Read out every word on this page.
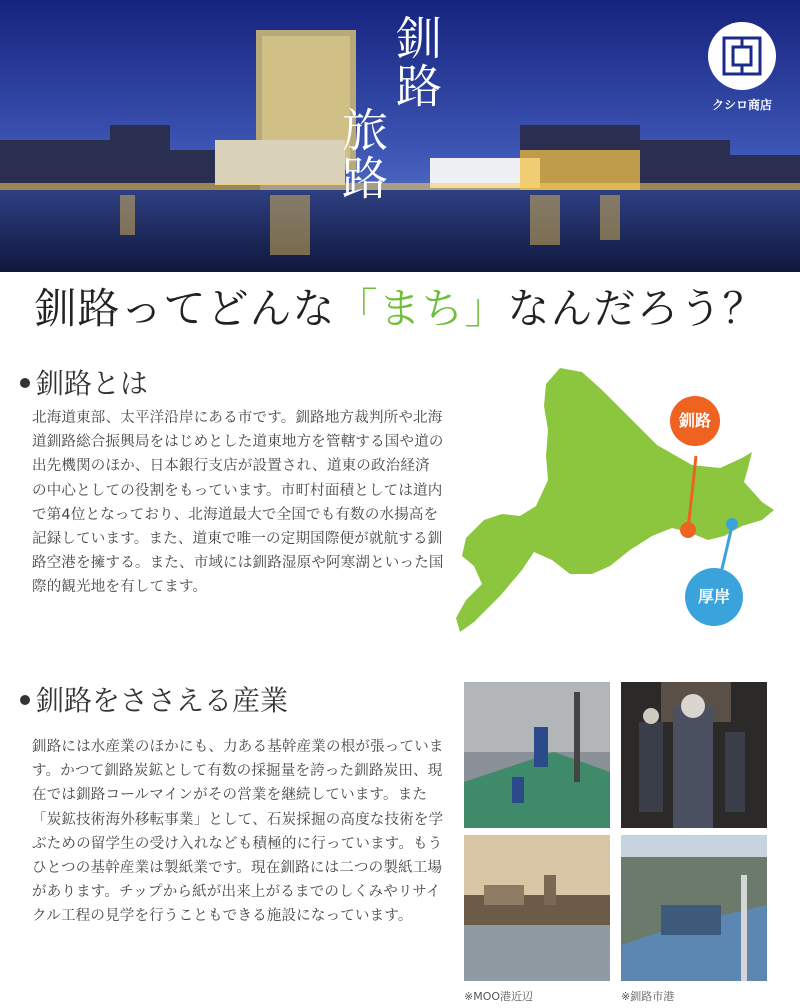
釧路
旅路
クシロ商店
釧路ってどんな「まち」なんだろう？
釧路とは
北海道東部、太平洋沿岸にある市です。釧路地方裁判所や北海道釧路総合振興局をはじめとした道東地方を管轄する国や道の出先機関のほか、日本銀行支店が設置され、道東の政治経済の中心としての役割をもっています。市町村面積としては道内で第4位となっており、北海道最大で全国でも有数の水揚高を記録しています。また、道東で唯一の定期国際便が就航する釧路空港を擁する。また、市域には釧路湿原や阿寒湖といった国際的観光地を有してます。
釧路
厚岸
釧路をささえる産業
釧路には水産業のほかにも、力ある基幹産業の根が張っています。かつて釧路炭鉱として有数の採掘量を誇った釧路炭田、現在では釧路コールマインがその営業を継続しています。また「炭鉱技術海外移転事業」として、石炭採掘の高度な技術を学ぶための留学生の受け入れなども積極的に行っています。もうひとつの基幹産業は製紙業です。現在釧路には二つの製紙工場があります。チップから紙が出来上がるまでのしくみやリサイクル工程の見学を行うこともできる施設になっています。
※MOO港近辺	※釧路市港
